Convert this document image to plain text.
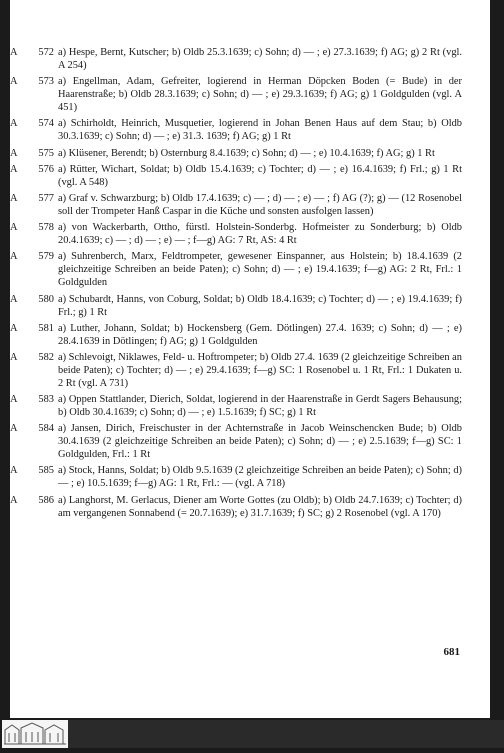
A	572 a) Hespe, Bernt, Kutscher; b) Oldb 25.3.1639; c) Sohn; d) — ; e) 27.3.1639; f) AG; g) 2 Rt (vgl. A 254)
A	573 a) Engellman, Adam, Gefreiter, logierend in Herman Döpcken Boden (= Bude) in der Haarenstraße; b) Oldb 28.3.1639; c) Sohn; d) — ; e) 29.3.1639; f) AG; g) 1 Goldgulden (vgl. A 451)
A	574 a) Schirholdt, Heinrich, Musquetier, logierend in Johan Benen Haus auf dem Stau; b) Oldb 30.3.1639; c) Sohn; d) — ; e) 31.3. 1639; f) AG; g) 1 Rt
A	575 a) Klüsener, Berendt; b) Osternburg 8.4.1639; c) Sohn; d) — ; e) 10.4.1639; f) AG; g) 1 Rt
A	576 a) Rütter, Wichart, Soldat; b) Oldb 15.4.1639; c) Tochter; d) — ; e) 16.4.1639; f) Frl.; g) 1 Rt (vgl. A 548)
A	577 a) Graf v. Schwarzburg; b) Oldb 17.4.1639; c) — ; d) — ; e) — ; f) AG (?); g) — (12 Rosenobel soll der Trompeter Hanß Caspar in die Küche und sonsten ausfolgen lassen)
A	578 a) von Wackerbarth, Ottho, fürstl. Holstein-Sonderbg. Hofmeister zu Sonderburg; b) Oldb 20.4.1639; c) — ; d) — ; e) — ; f—g) AG: 7 Rt, AS: 4 Rt
A	579 a) Suhrenberch, Marx, Feldtrompeter, gewesener Einspanner, aus Holstein; b) 18.4.1639 (2 gleichzeitige Schreiben an beide Paten); c) Sohn; d) — ; e) 19.4.1639; f—g) AG: 2 Rt, Frl.: 1 Goldgulden
A	580 a) Schubardt, Hanns, von Coburg, Soldat; b) Oldb 18.4.1639; c) Tochter; d) — ; e) 19.4.1639; f) Frl.; g) 1 Rt
A	581 a) Luther, Johann, Soldat; b) Hockensberg (Gem. Dötlingen) 27.4. 1639; c) Sohn; d) — ; e) 28.4.1639 in Dötlingen; f) AG; g) 1 Goldgulden
A	582 a) Schlevoigt, Niklawes, Feld- u. Hoftrompeter; b) Oldb 27.4. 1639 (2 gleichzeitige Schreiben an beide Paten); c) Tochter; d) — ; e) 29.4.1639; f—g) SC: 1 Rosenobel u. 1 Rt, Frl.: 1 Dukaten u. 2 Rt (vgl. A 731)
A	583 a) Oppen Stattlander, Dierich, Soldat, logierend in der Haarenstraße in Gerdt Sagers Behausung; b) Oldb 30.4.1639; c) Sohn; d) — ; e) 1.5.1639; f) SC; g) 1 Rt
A	584 a) Jansen, Dirich, Freischuster in der Achternstraße in Jacob Weinschencken Bude; b) Oldb 30.4.1639 (2 gleichzeitige Schreiben an beide Paten); c) Sohn; d) — ; e) 2.5.1639; f—g) SC: 1 Goldgulden, Frl.: 1 Rt
A	585 a) Stock, Hanns, Soldat; b) Oldb 9.5.1639 (2 gleichzeitige Schreiben an beide Paten); c) Sohn; d) — ; e) 10.5.1639; f—g) AG: 1 Rt, Frl.: — (vgl. A 718)
A	586 a) Langhorst, M. Gerlacus, Diener am Worte Gottes (zu Oldb); b) Oldb 24.7.1639; c) Tochter; d) am vergangenen Sonnabend (= 20.7.1639); e) 31.7.1639; f) SC; g) 2 Rosenobel (vgl. A 170)
681
